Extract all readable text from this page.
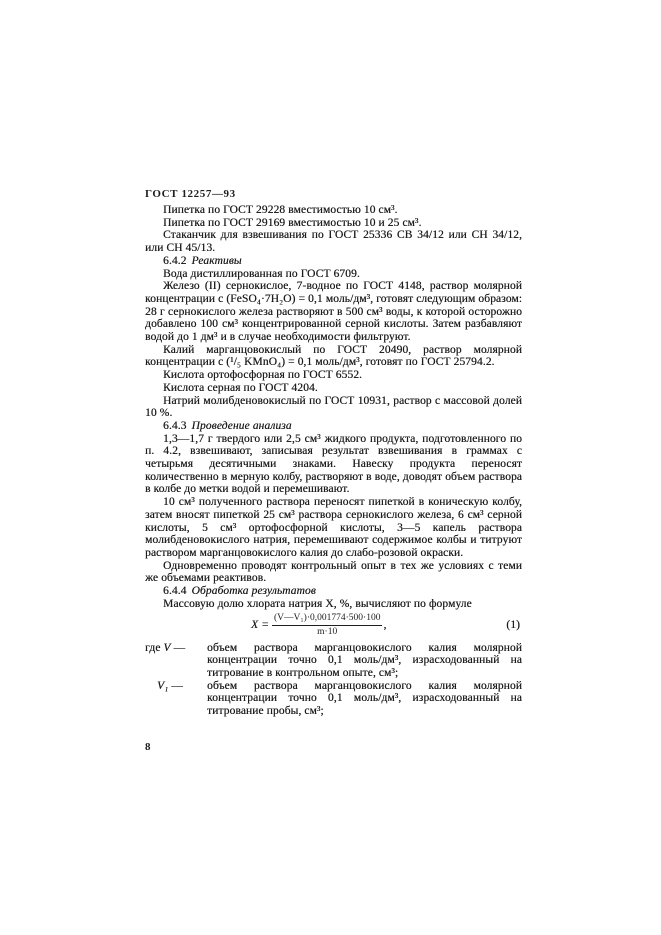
ГОСТ 12257—93

Пипетка по ГОСТ 29228 вместимостью 10 см³.

Пипетка по ГОСТ 29169 вместимостью 10 и 25 см³.

Стаканчик для взвешивания по ГОСТ 25336 СВ 34/12 или СН 34/12, или СН 45/13.

6.4.2 Реактивы

Вода дистиллированная по ГОСТ 6709.

Железо (II) сернокислое, 7-водное по ГОСТ 4148, раствор молярной концентрации с (FeSO₄·7H₂O) = 0,1 моль/дм³, готовят следующим образом: 28 г сернокислого железа растворяют в 500 см³ воды, к которой осторожно добавлено 100 см³ концентрированной серной кислоты. Затем разбавляют водой до 1 дм³ и в случае необходимости фильтруют.

Калий марганцовокислый по ГОСТ 20490, раствор молярной концентрации с (¹/₅ KMnO₄) = 0,1 моль/дм³, готовят по ГОСТ 25794.2.

Кислота ортофосфорная по ГОСТ 6552.

Кислота серная по ГОСТ 4204.

Натрий молибденовокислый по ГОСТ 10931, раствор с массовой долей 10 %.

6.4.3 Проведение анализа

1,3—1,7 г твердого или 2,5 см³ жидкого продукта, подготовленного по п. 4.2, взвешивают, записывая результат взвешивания в граммах с четырьмя десятичными знаками. Навеску продукта переносят количественно в мерную колбу, растворяют в воде, доводят объем раствора в колбе до метки водой и перемешивают.

10 см³ полученного раствора переносят пипеткой в коническую колбу, затем вносят пипеткой 25 см³ раствора сернокислого железа, 6 см³ серной кислоты, 5 см³ ортофосфорной кислоты, 3—5 капель раствора молибденовокислого натрия, перемешивают содержимое колбы и титруют раствором марганцовокислого калия до слабо-розовой окраски.

Одновременно проводят контрольный опыт в тех же условиях с теми же объемами реактивов.

6.4.4 Обработка результатов

Массовую долю хлората натрия X, %, вычисляют по формуле

$X = \frac{\text{(V—V₁)·0,001774·500·100}}{m\cdot 10}$ ,	(1)
где V —	объем раствора марганцовокислого калия молярной концентрации точно 0,1 моль/дм³, израсходованный на титрование в контрольном опыте, см³;
V₁ —	объем раствора марганцовокислого калия молярной концентрации точно 0,1 моль/дм³, израсходованный на титрование пробы, см³;
8
